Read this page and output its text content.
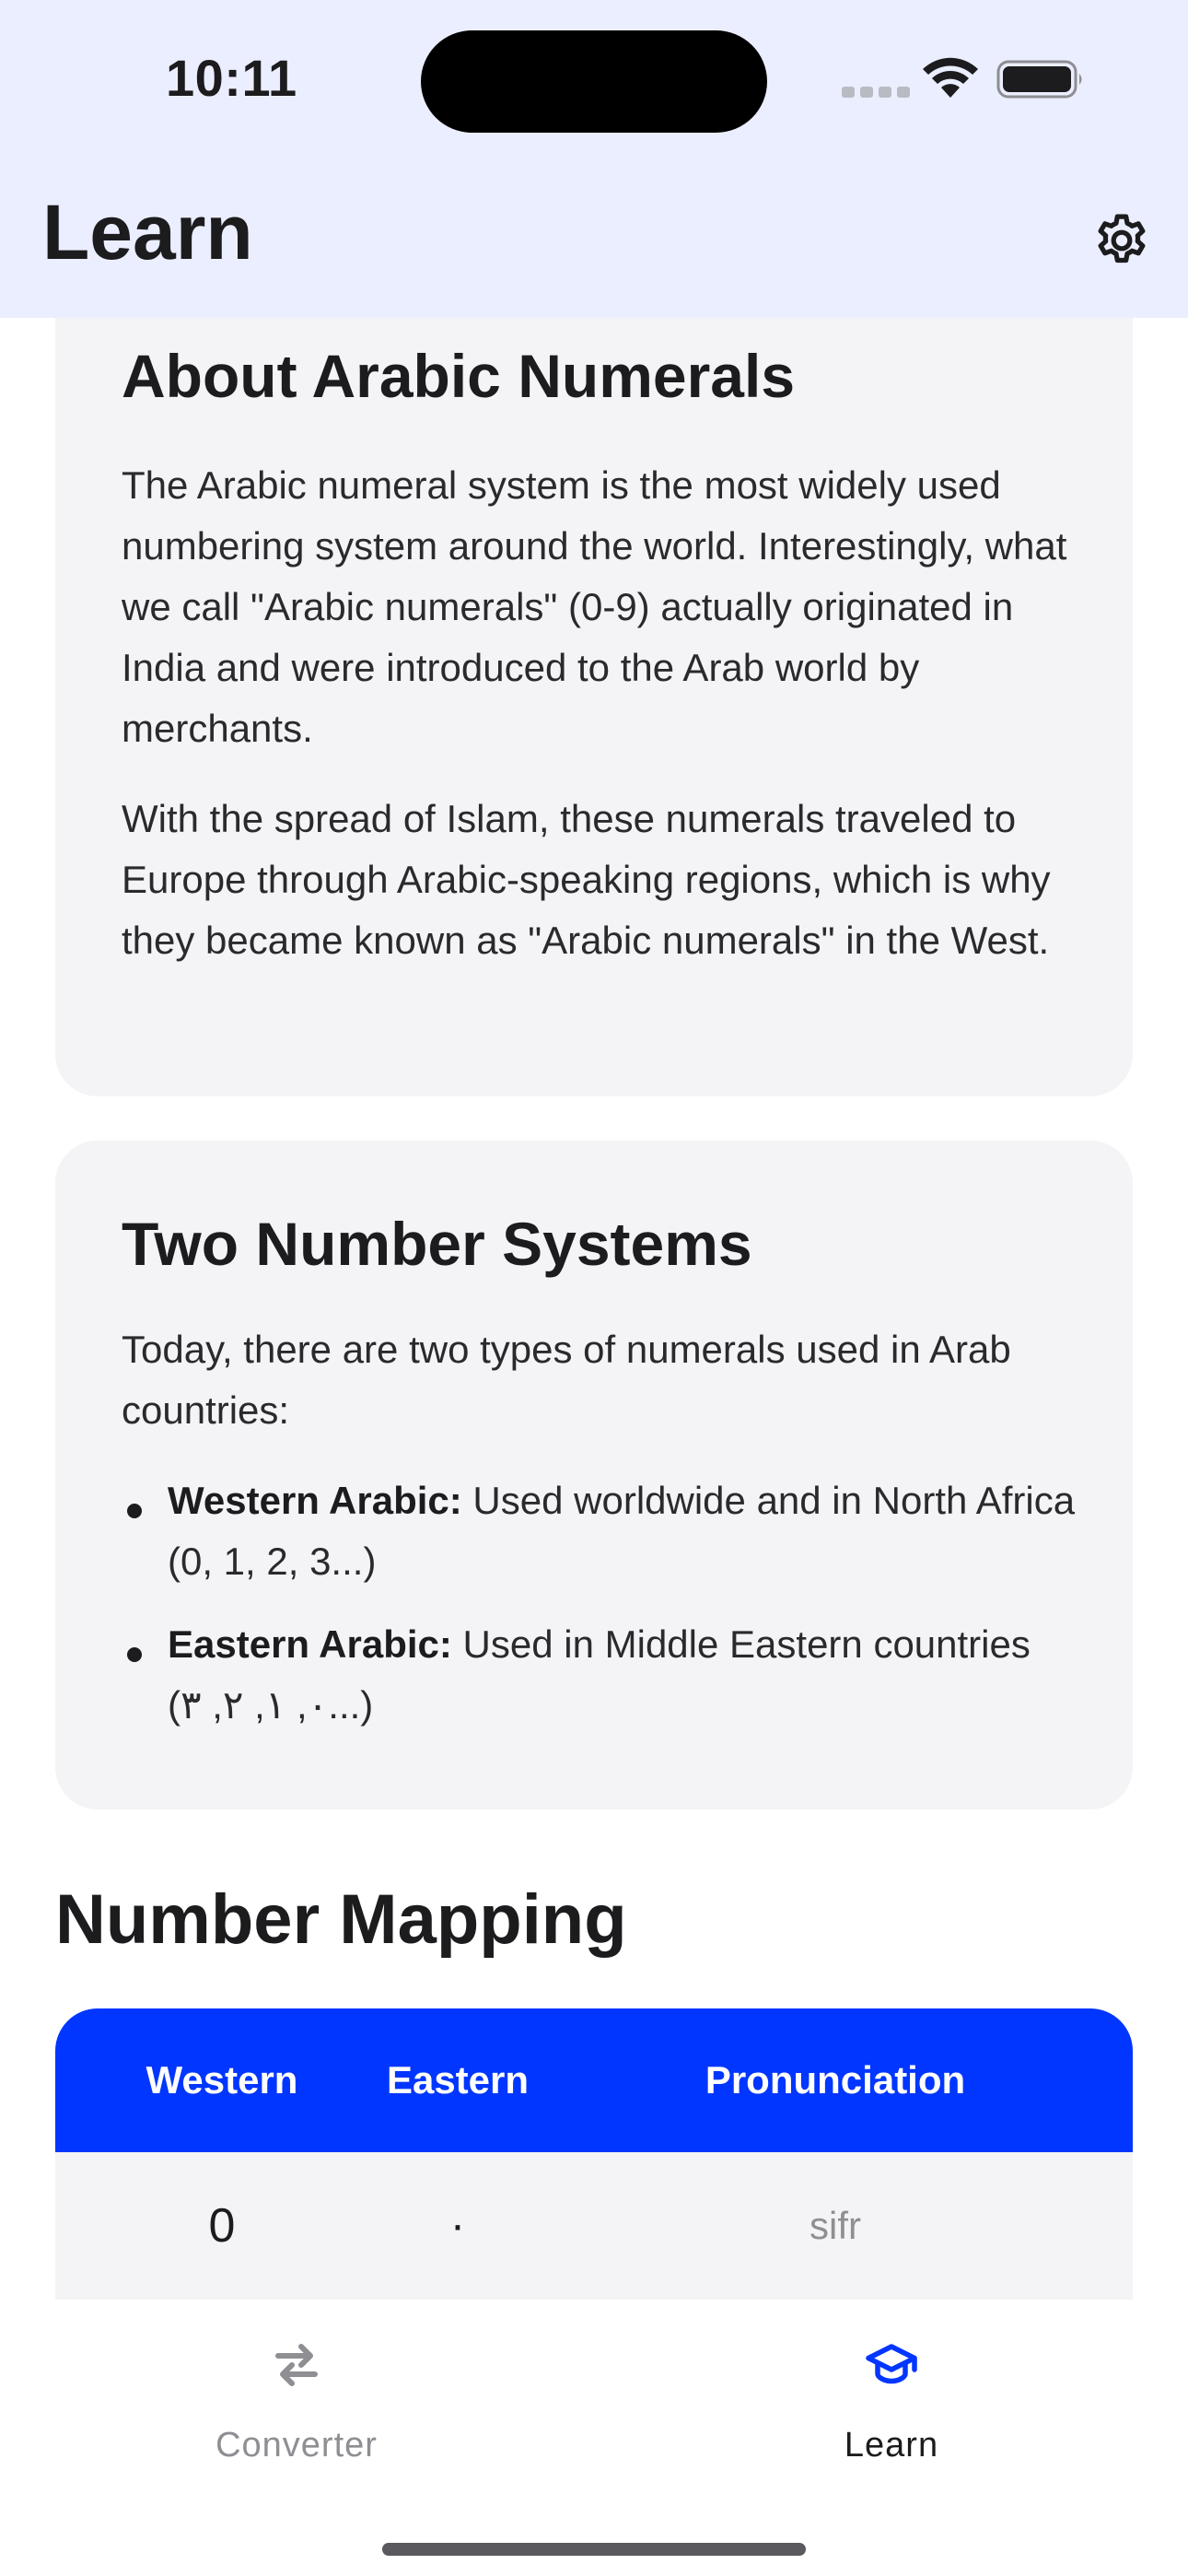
About Arabic Numerals

The Arabic numeral system is the most widely used numbering system around the world. Interestingly, what we call "Arabic numerals" (0-9) actually originated in India and were introduced to the Arab world by merchants.

With the spread of Islam, these numerals traveled to Europe through Arabic-speaking regions, which is why they became known as "Arabic numerals" in the West.

Two Number Systems

Today, there are two types of numerals used in Arab countries:

Western Arabic: Used worldwide and in North Africa (0, 1, 2, 3...)
Eastern Arabic: Used in Middle Eastern countries (٠, ١, ٢, ٣...)
Number Mapping
Western	Eastern	Pronunciation
0	٠	sifr
10:11
Learn
Converter	Learn
